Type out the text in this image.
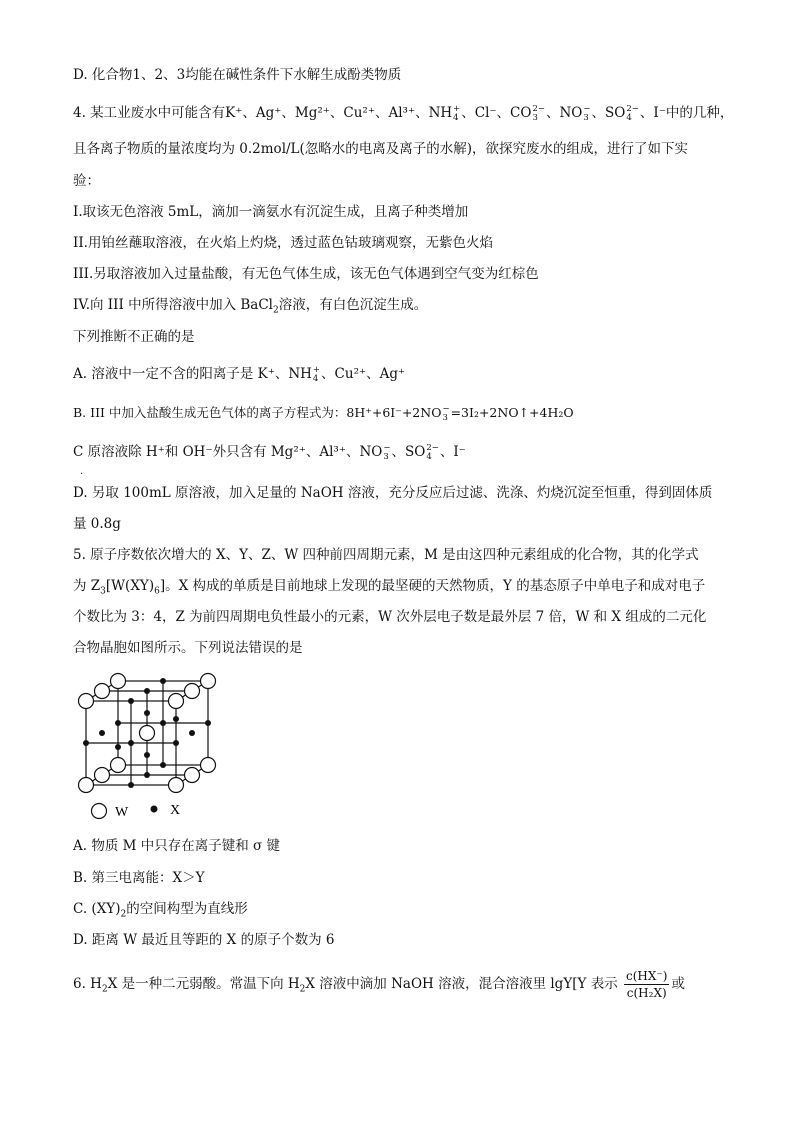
D. 化合物1、2、3均能在碱性条件下水解生成酚类物质
4. 某工业废水中可能含有K⁺、Ag⁺、Mg²⁺、Cu²⁺、Al³⁺、NH +
4 、Cl⁻、CO 2−
3 、NO −
3 、SO 2−
4 、I⁻中的几种，
且各离子物质的量浓度均为 0.2mol/L(忽略水的电离及离子的水解)，欲探究废水的组成，进行了如下实
验：
I.取该无色溶液 5mL，滴加一滴氨水有沉淀生成，且离子种类增加
II.用铂丝蘸取溶液，在火焰上灼烧，透过蓝色钴玻璃观察，无紫色火焰
III.另取溶液加入过量盐酸，有无色气体生成，该无色气体遇到空气变为红棕色
IV.向 III 中所得溶液中加入 BaCl$_2$溶液，有白色沉淀生成。
下列推断不正确的是
A. 溶液中一定不含的阳离子是 K⁺、NH +
4 、Cu²⁺、Ag⁺
B. III 中加入盐酸生成无色气体的离子方程式为：8H⁺+6I⁻+2NO −
3 =3I₂+2NO↑+4H₂O
C 原溶液除 H⁺和 OH⁻外只含有 Mg²⁺、Al³⁺、NO −
3 、SO 2−
4 、I⁻
.
D. 另取 100mL 原溶液，加入足量的 NaOH 溶液，充分反应后过滤、洗涤、灼烧沉淀至恒重，得到固体质
量 0.8g
5. 原子序数依次增大的 X、Y、Z、W 四种前四周期元素，M 是由这四种元素组成的化合物，其的化学式
为 $Z_3[W(XY)_6]$。X 构成的单质是目前地球上发现的最坚硬的天然物质，Y 的基态原子中单电子和成对电子
个数比为 3：4，Z 为前四周期电负性最小的元素，W 次外层电子数是最外层 7 倍，W 和 X 组成的二元化
合物晶胞如图所示。下列说法错误的是
W	X
A. 物质 M 中只存在离子键和 σ 键
B. 第三电离能：X＞Y
C. $(XY)_2$的空间构型为直线形
D. 距离 W 最近且等距的 X 的原子个数为 6
6. $H_2X$ 是一种二元弱酸。常温下向 $H_2X$ 溶液中滴加 NaOH 溶液，混合溶液里 lgY[Y 表示 $\frac{c(HX^-)}{\text{c(H₂X)}}$ 或
